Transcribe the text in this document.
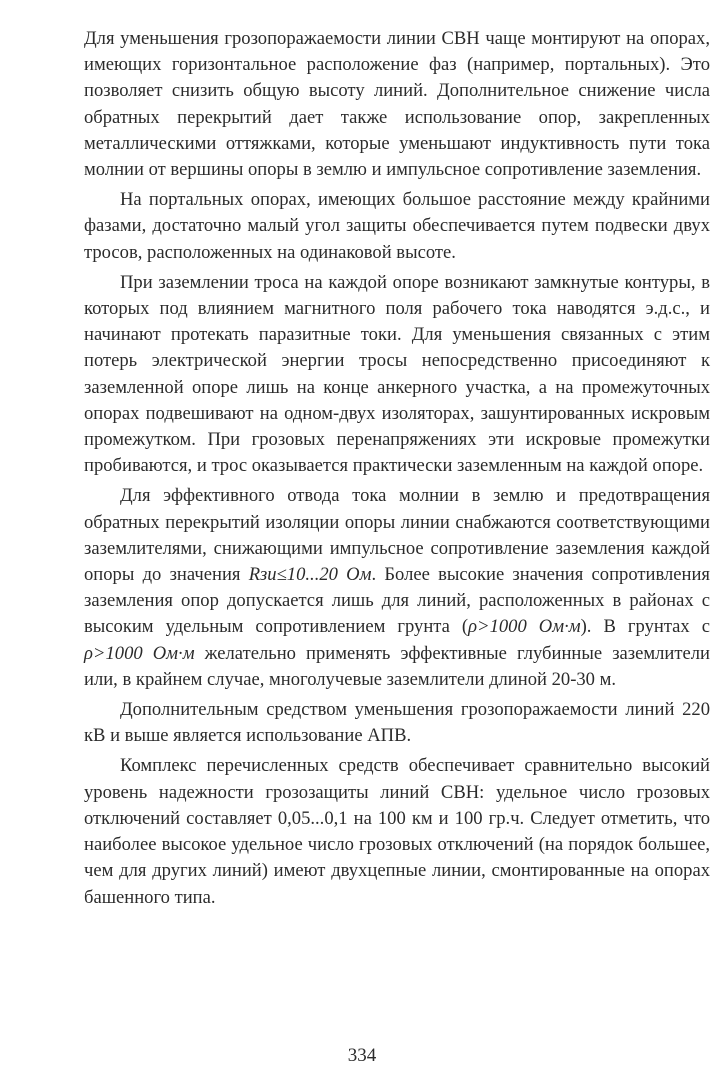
Для уменьшения грозопоражаемости линии СВН чаще монтируют на опорах, имеющих горизонтальное расположение фаз (например, портальных). Это позволяет снизить общую высоту линий. Дополнительное снижение числа обратных перекрытий дает также использование опор, закрепленных металлическими оттяжками, которые уменьшают индуктивность пути тока молнии от вершины опоры в землю и импульсное сопротивление заземления.

На портальных опорах, имеющих большое расстояние между крайними фазами, достаточно малый угол защиты обеспечивается путем подвески двух тросов, расположенных на одинаковой высоте.

При заземлении троса на каждой опоре возникают замкнутые контуры, в которых под влиянием магнитного поля рабочего тока наводятся э.д.с., и начинают протекать паразитные токи. Для уменьшения связанных с этим потерь электрической энергии тросы непосредственно присоединяют к заземленной опоре лишь на конце анкерного участка, а на промежуточных опорах подвешивают на одном-двух изоляторах, зашунтированных искровым промежутком. При грозовых перенапряжениях эти искровые промежутки пробиваются, и трос оказывается практически заземленным на каждой опоре.

Для эффективного отвода тока молнии в землю и предотвращения обратных перекрытий изоляции опоры линии снабжаются соответствующими заземлителями, снижающими импульсное сопротивление заземления каждой опоры до значения Rзи≤10...20 Ом. Более высокие значения сопротивления заземления опор допускается лишь для линий, расположенных в районах с высоким удельным сопротивлением грунта (ρ>1000 Ом·м). В грунтах с ρ>1000 Ом·м желательно применять эффективные глубинные заземлители или, в крайнем случае, многолучевые заземлители длиной 20-30 м.

Дополнительным средством уменьшения грозопоражаемости линий 220 кВ и выше является использование АПВ.

Комплекс перечисленных средств обеспечивает сравнительно высокий уровень надежности грозозащиты линий СВН: удельное число грозовых отключений составляет 0,05...0,1 на 100 км и 100 гр.ч. Следует отметить, что наиболее высокое удельное число грозовых отключений (на порядок большее, чем для других линий) имеют двухцепные линии, смонтированные на опорах башенного типа.

334
